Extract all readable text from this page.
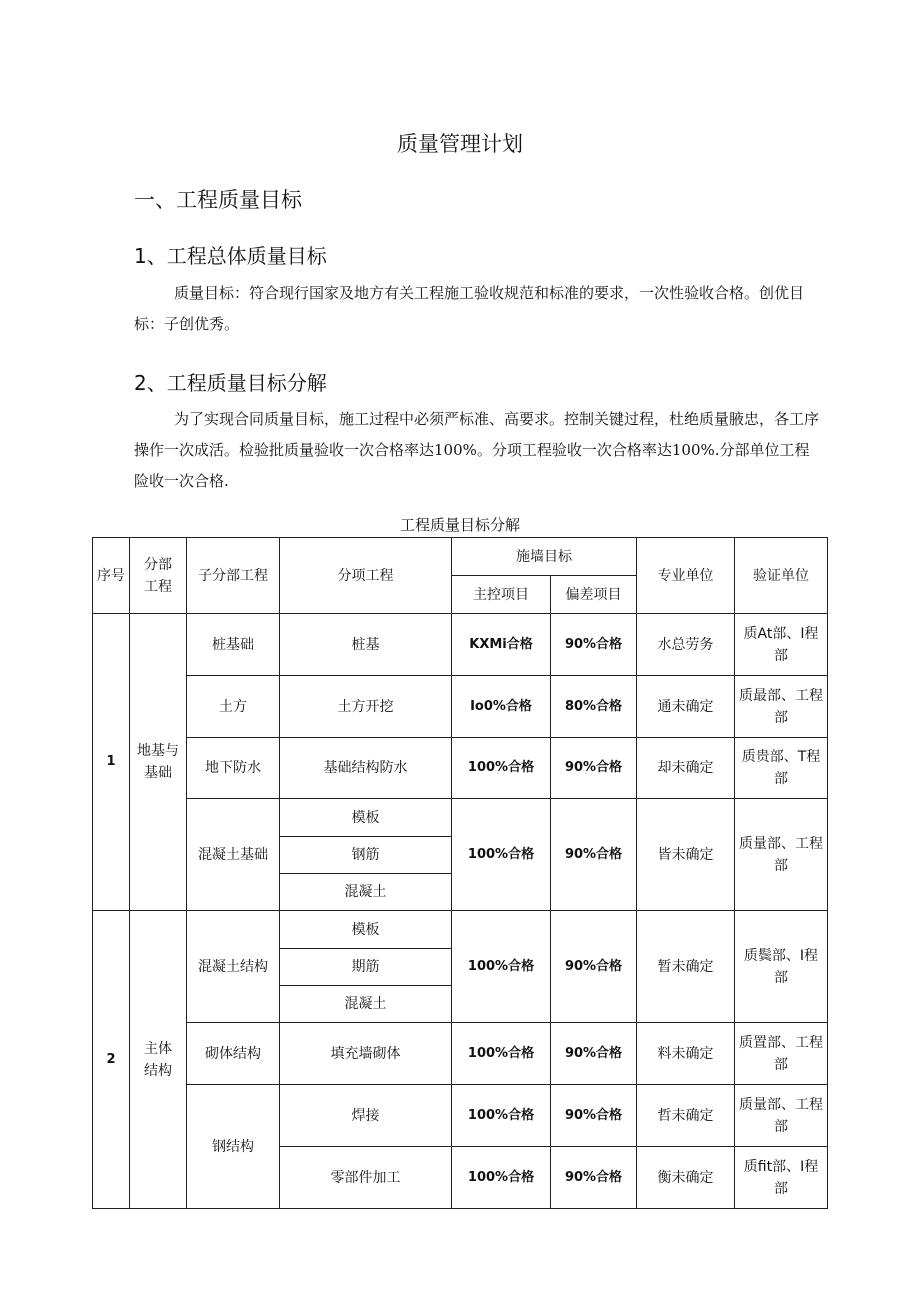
质量管理计划
一、工程质量目标
1、工程总体质量目标
质量目标：符合现行国家及地方有关工程施工验收规范和标准的要求，一次性验收合格。创优目标：子创优秀。
2、工程质量目标分解
为了实现合同质量目标，施工过程中必须严标准、高要求。控制关键过程，杜绝质量腋忠，各工序操作一次成活。检验批质量验收一次合格率达100%。分项工程验收一次合格率达100%.分部单位工程险收一次合格.
工程质量目标分解
序号	分部工程	子分部工程	分项工程	施墙目标		专业单位	验证单位
				主控项目	偏差项目		
1	地基与基础	桩基础	桩基	KXMi合格	90%合格	水总劳务	质At部、I程部
		土方	土方开挖	Io0%合格	80%合格	通未确定	质最部、工程部
		地下防水	基础结构防水	100%合格	90%合格	却未确定	质贵部、T程部
		混凝土基础	模板	100%合格	90%合格	皆未确定	质量部、工程部
			钢筋				
			混凝土				
2	主体结构	混凝土结构	模板	100%合格	90%合格	暂未确定	质鬓部、I程部
			期筋				
			混凝土				
		砌体结构	填充墙砌体	100%合格	90%合格	料未确定	质置部、工程部
		钢结构	焊接	100%合格	90%合格	哲未确定	质量部、工程部
			零部件加工	100%合格	90%合格	衡未确定	质fit部、I程部
